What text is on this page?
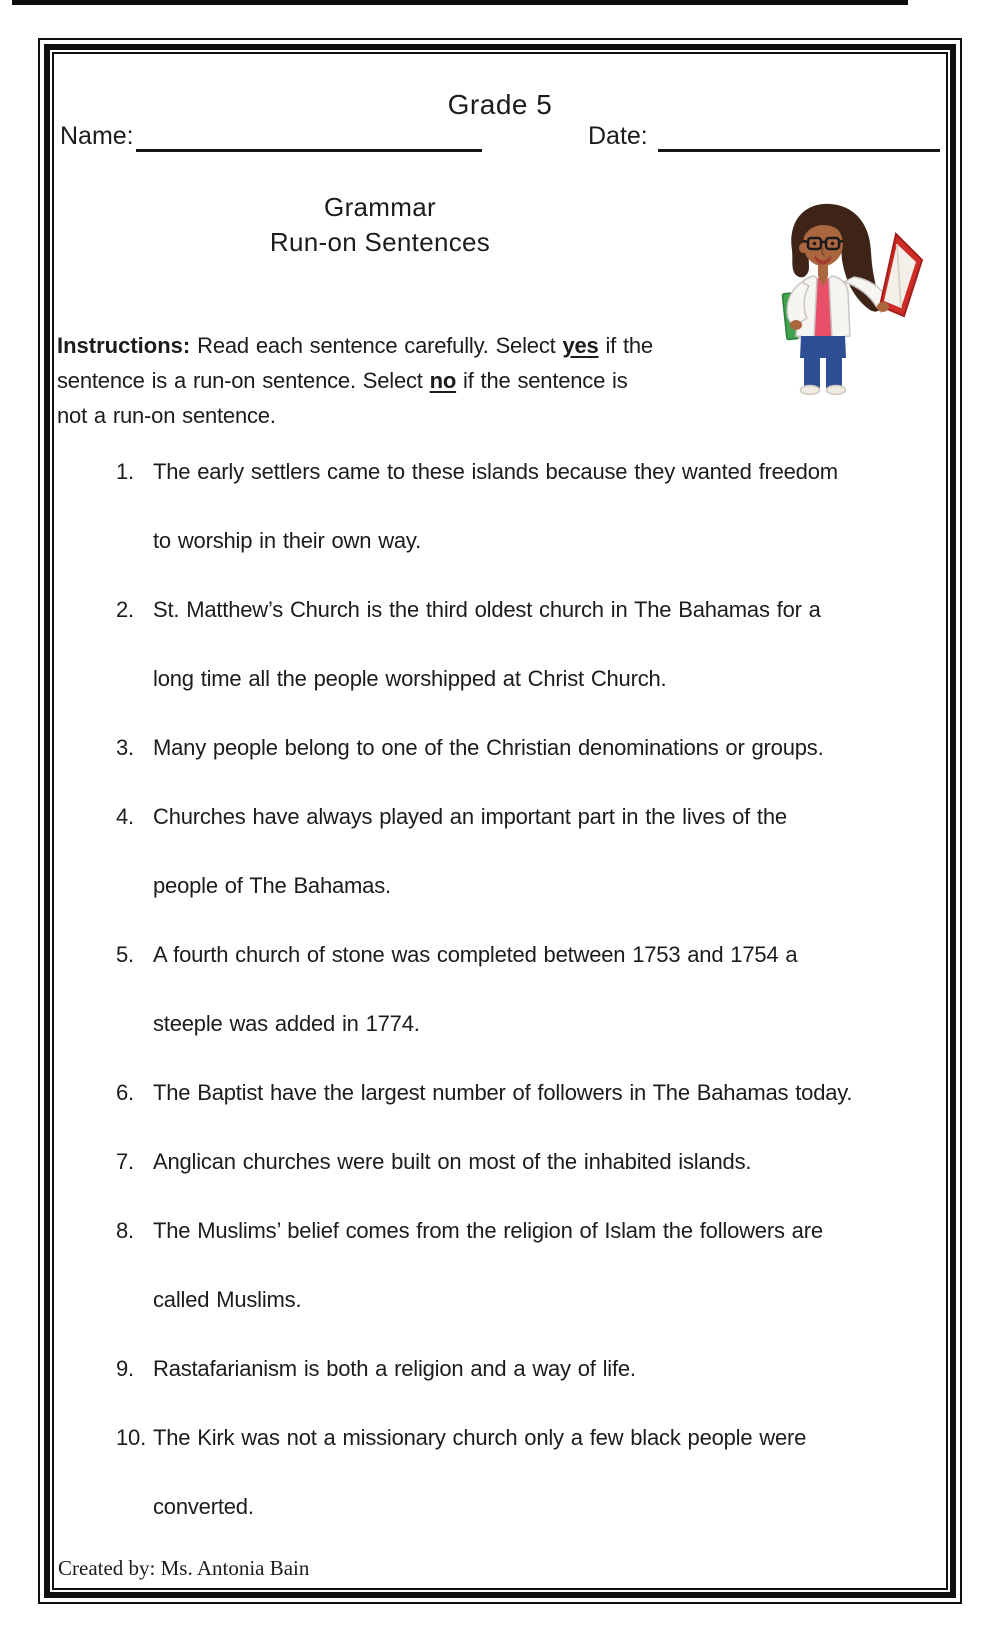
Grade 5
Name:	Date:
Grammar
Run-on Sentences
Instructions: Read each sentence carefully. Select yes if the
sentence is a run-on sentence. Select no if the sentence is
not a run-on sentence.
1. The early settlers came to these islands because they wanted freedom
to worship in their own way.
2. St. Matthew’s Church is the third oldest church in The Bahamas for a
long time all the people worshipped at Christ Church.
3. Many people belong to one of the Christian denominations or groups.
4. Churches have always played an important part in the lives of the
people of The Bahamas.
5. A fourth church of stone was completed between 1753 and 1754 a
steeple was added in 1774.
6. The Baptist have the largest number of followers in The Bahamas today.
7. Anglican churches were built on most of the inhabited islands.
8. The Muslims’ belief comes from the religion of Islam the followers are
called Muslims.
9. Rastafarianism is both a religion and a way of life.
10. The Kirk was not a missionary church only a few black people were
converted.
Created by: Ms. Antonia Bain
